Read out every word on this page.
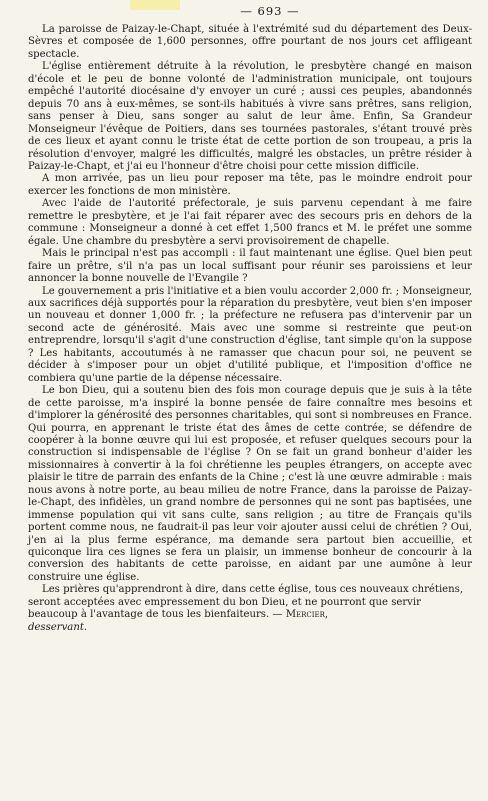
— 693 —

La paroisse de Paizay-le-Chapt, située à l'extrémité sud du département des Deux-Sèvres et composée de 1,600 personnes, offre pourtant de nos jours cet affligeant spectacle.

L'église entièrement détruite à la révolution, le presbytère changé en maison d'école et le peu de bonne volonté de l'administration municipale, ont toujours empêché l'autorité diocésaine d'y envoyer un curé ; aussi ces peuples, abandonnés depuis 70 ans à eux-mêmes, se sont-ils habitués à vivre sans prêtres, sans religion, sans penser à Dieu, sans songer au salut de leur âme. Enfin, Sa Grandeur Monseigneur l'évêque de Poitiers, dans ses tournées pastorales, s'étant trouvé près de ces lieux et ayant connu le triste état de cette portion de son troupeau, a pris la résolution d'envoyer, malgré les difficultés, malgré les obstacles, un prêtre résider à Paizay-le-Chapt, et j'ai eu l'honneur d'être choisi pour cette mission difficile.

A mon arrivée, pas un lieu pour reposer ma tête, pas le moindre endroit pour exercer les fonctions de mon ministère.

Avec l'aide de l'autorité préfectorale, je suis parvenu cependant à me faire remettre le presbytère, et je l'ai fait réparer avec des secours pris en dehors de la commune : Monseigneur a donné à cet effet 1,500 francs et M. le préfet une somme égale. Une chambre du presbytère a servi provisoirement de chapelle.

Mais le principal n'est pas accompli : il faut maintenant une église. Quel bien peut faire un prêtre, s'il n'a pas un local suffisant pour réunir ses paroissiens et leur annoncer la bonne nouvelle de l'Evangile ?

Le gouvernement a pris l'initiative et a bien voulu accorder 2,000 fr. ; Monseigneur, aux sacrifices déjà supportés pour la réparation du presbytère, veut bien s'en imposer un nouveau et donner 1,000 fr. ; la préfecture ne refusera pas d'intervenir par un second acte de générosité. Mais avec une somme si restreinte que peut-on entreprendre, lorsqu'il s'agit d'une construction d'église, tant simple qu'on la suppose ? Les habitants, accoutumés à ne ramasser que chacun pour soi, ne peuvent se décider à s'imposer pour un objet d'utilité publique, et l'imposition d'office ne combiera qu'une partie de la dépense nécessaire.

Le bon Dieu, qui a soutenu bien des fois mon courage depuis que je suis à la tête de cette paroisse, m'a inspiré la bonne pensée de faire connaître mes besoins et d'implorer la générosité des personnes charitables, qui sont si nombreuses en France. Qui pourra, en apprenant le triste état des âmes de cette contrée, se défendre de coopérer à la bonne œuvre qui lui est proposée, et refuser quelques secours pour la construction si indispensable de l'église ? On se fait un grand bonheur d'aider les missionnaires à convertir à la foi chrétienne les peuples étrangers, on accepte avec plaisir le titre de parrain des enfants de la Chine ; c'est là une œuvre admirable : mais nous avons à notre porte, au beau milieu de notre France, dans la paroisse de Paizay-le-Chapt, des infidèles, un grand nombre de personnes qui ne sont pas baptisées, une immense population qui vit sans culte, sans religion ; au titre de Français qu'ils portent comme nous, ne faudrait-il pas leur voir ajouter aussi celui de chrétien ? Oui, j'en ai la plus ferme espérance, ma demande sera partout bien accueillie, et quiconque lira ces lignes se fera un plaisir, un immense bonheur de concourir à la conversion des habitants de cette paroisse, en aidant par une aumône à leur construire une église.

Les prières qu'apprendront à dire, dans cette église, tous ces nouveaux chrétiens, seront acceptées avec empressement du bon Dieu, et ne pourront que servir beaucoup à l'avantage de tous les bienfaiteurs. — Mercier,
desservant.
